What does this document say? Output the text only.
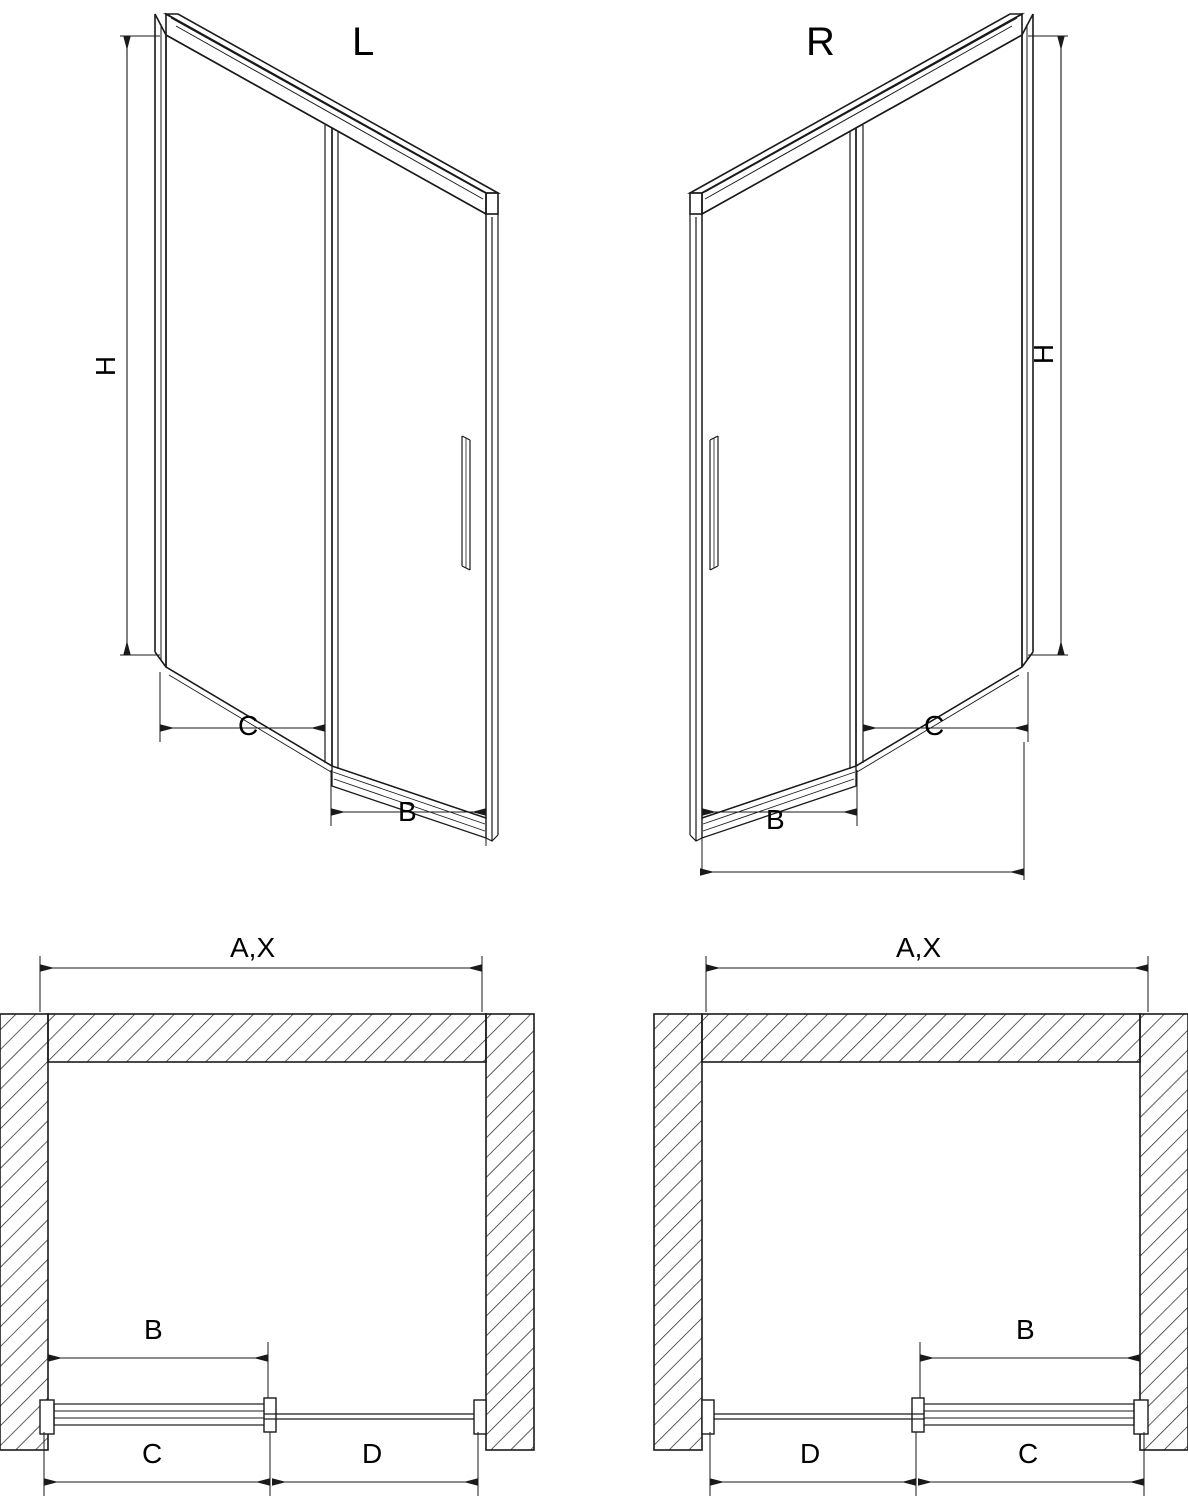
L	R
H
H
C
B
C
B
A,X
B
C	D
A,X
B
D	C
